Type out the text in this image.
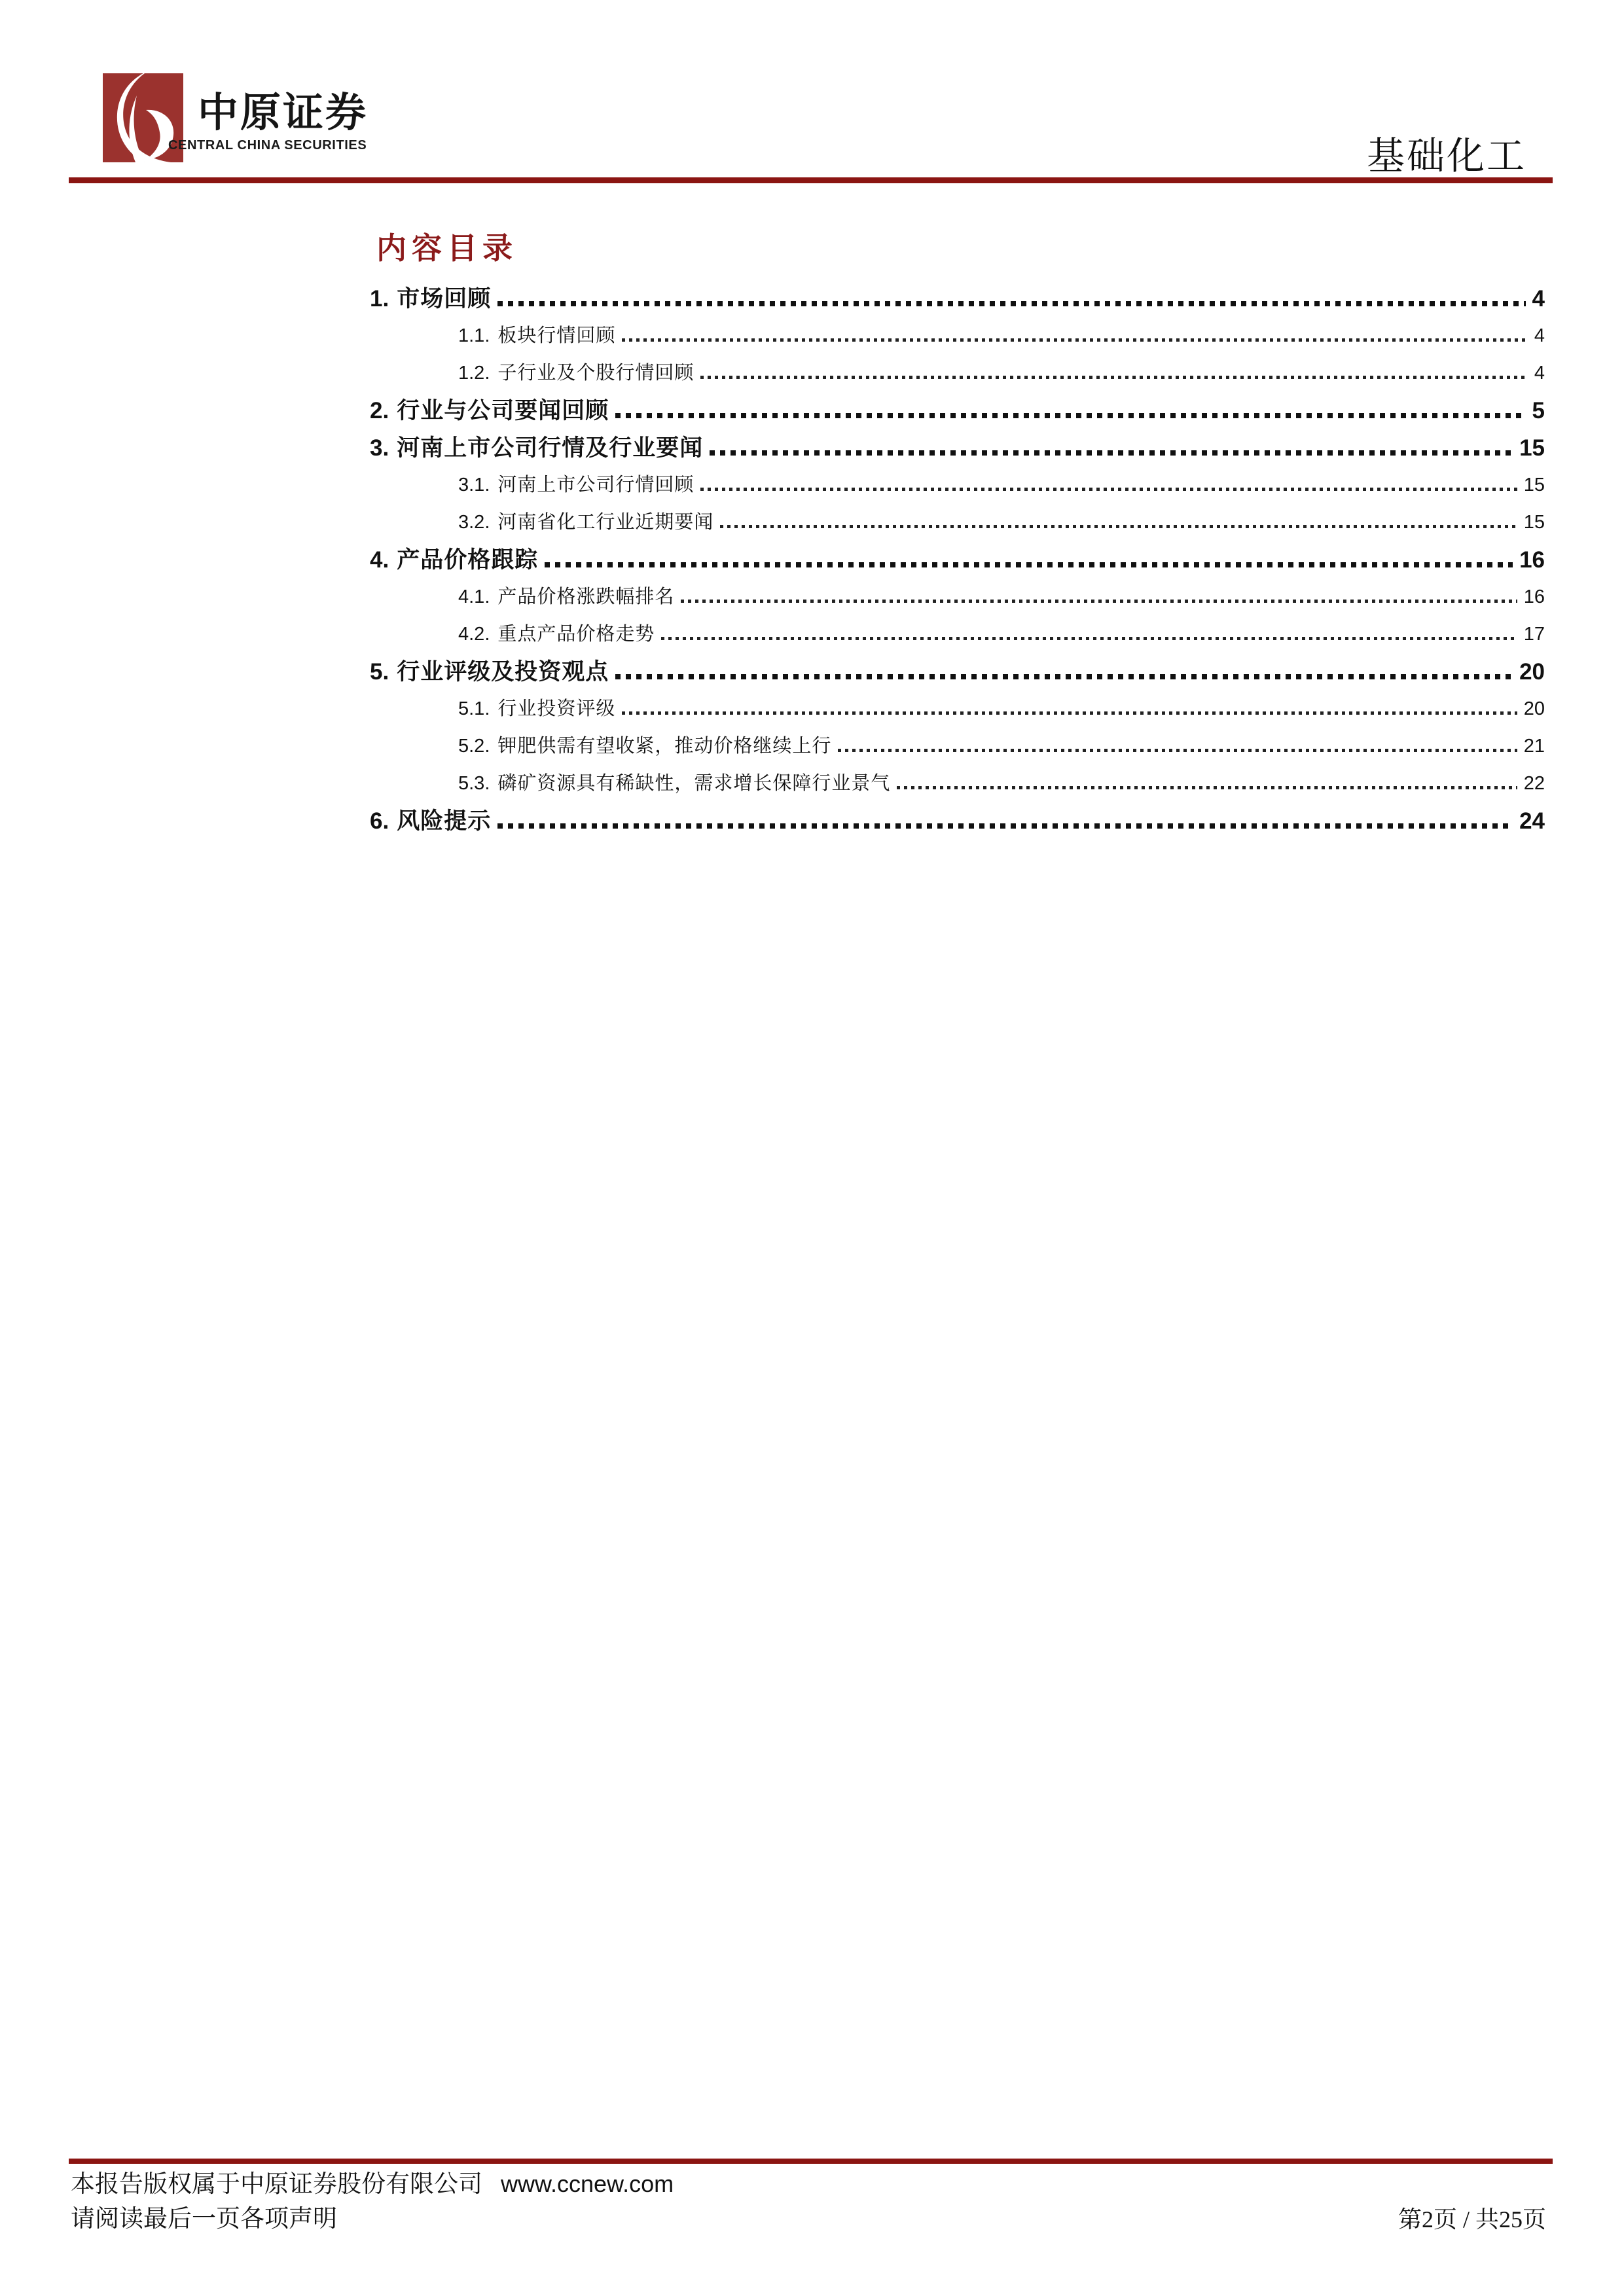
中原证券
CENTRAL CHINA SECURITIES	基础化工
内容目录
1. 市场回顾	4
1.1. 板块行情回顾	4
1.2. 子行业及个股行情回顾	4
2. 行业与公司要闻回顾	5
3. 河南上市公司行情及行业要闻	15
3.1. 河南上市公司行情回顾	15
3.2. 河南省化工行业近期要闻	15
4. 产品价格跟踪	16
4.1. 产品价格涨跌幅排名	16
4.2. 重点产品价格走势	17
5. 行业评级及投资观点	20
5.1. 行业投资评级	20
5.2. 钾肥供需有望收紧，推动价格继续上行	21
5.3. 磷矿资源具有稀缺性，需求增长保障行业景气	22
6. 风险提示	24
本报告版权属于中原证券股份有限公司 www.ccnew.com
请阅读最后一页各项声明	第2页 / 共25页
